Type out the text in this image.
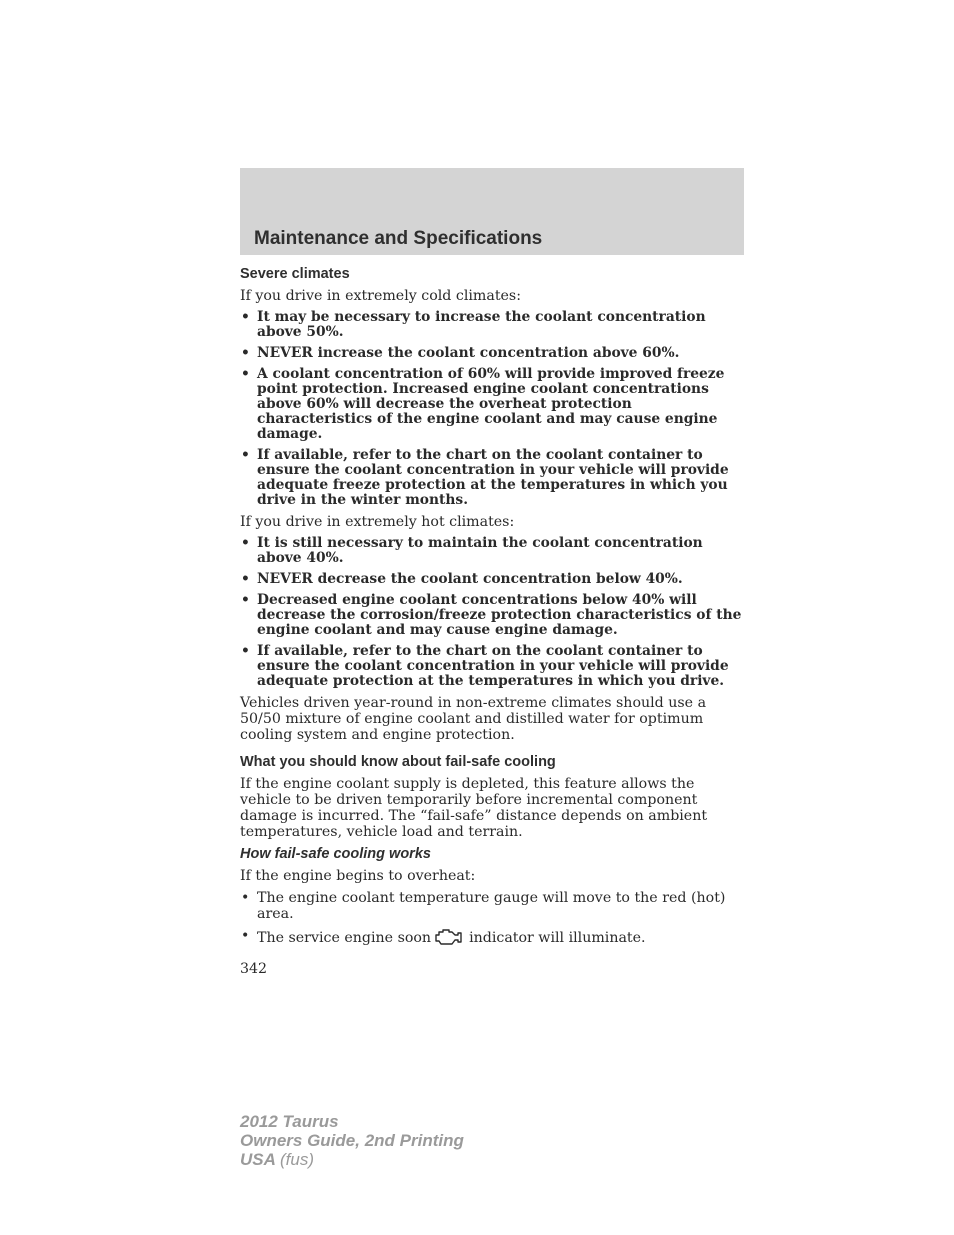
Maintenance and Specifications
Severe climates

If you drive in extremely cold climates:

• It may be necessary to increase the coolant concentration above 50%.
• NEVER increase the coolant concentration above 60%.
• A coolant concentration of 60% will provide improved freeze point protection. Increased engine coolant concentrations above 60% will decrease the overheat protection characteristics of the engine coolant and may cause engine damage.
• If available, refer to the chart on the coolant container to ensure the coolant concentration in your vehicle will provide adequate freeze protection at the temperatures in which you drive in the winter months.

If you drive in extremely hot climates:

• It is still necessary to maintain the coolant concentration above 40%.
• NEVER decrease the coolant concentration below 40%.
• Decreased engine coolant concentrations below 40% will decrease the corrosion/freeze protection characteristics of the engine coolant and may cause engine damage.
• If available, refer to the chart on the coolant container to ensure the coolant concentration in your vehicle will provide adequate protection at the temperatures in which you drive.

Vehicles driven year-round in non-extreme climates should use a 50/50 mixture of engine coolant and distilled water for optimum cooling system and engine protection.

What you should know about fail-safe cooling

If the engine coolant supply is depleted, this feature allows the vehicle to be driven temporarily before incremental component damage is incurred. The “fail-safe” distance depends on ambient temperatures, vehicle load and terrain.

How fail-safe cooling works

If the engine begins to overheat:

• The engine coolant temperature gauge will move to the red (hot) area.
• The service engine soon	indicator will illuminate.
342
2012 Taurus
Owners Guide, 2nd Printing
USA (fus)
